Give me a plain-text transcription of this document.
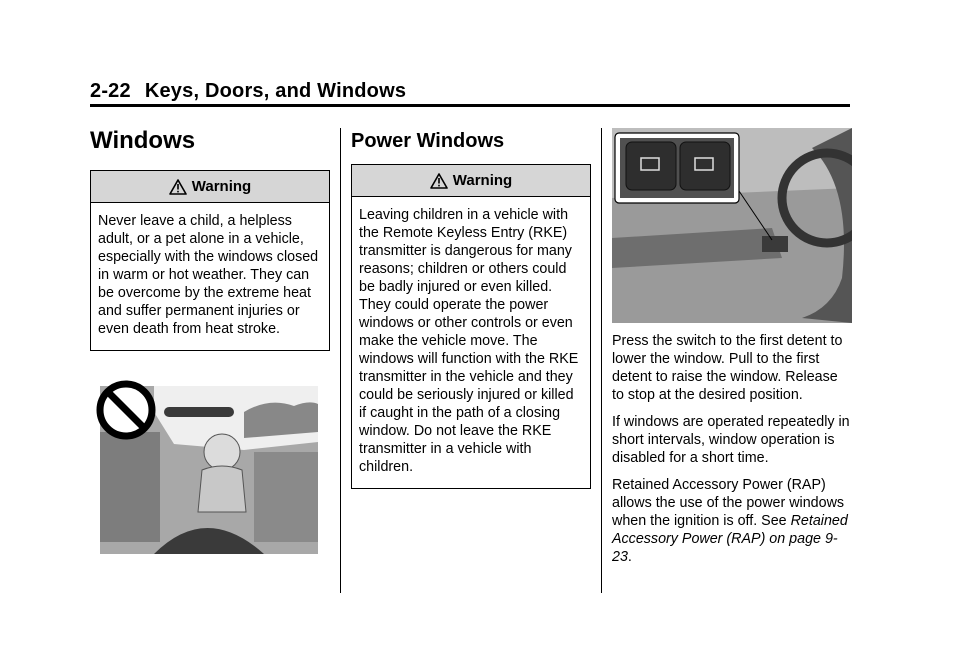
2-22 Keys, Doors, and Windows
Windows
Warning
Never leave a child, a helpless adult, or a pet alone in a vehicle, especially with the windows closed in warm or hot weather. They can be overcome by the extreme heat and suffer permanent injuries or even death from heat stroke.
Power Windows
Warning
Leaving children in a vehicle with the Remote Keyless Entry (RKE) transmitter is dangerous for many reasons; children or others could be badly injured or even killed. They could operate the power windows or other controls or even make the vehicle move. The windows will function with the RKE transmitter in the vehicle and they could be seriously injured or killed if caught in the path of a closing window. Do not leave the RKE transmitter in a vehicle with children.

Press the switch to the first detent to lower the window. Pull to the first detent to raise the window. Release to stop at the desired position.

If windows are operated repeatedly in short intervals, window operation is disabled for a short time.

Retained Accessory Power (RAP) allows the use of the power windows when the ignition is off. See Retained Accessory Power (RAP) on page 9-23.
